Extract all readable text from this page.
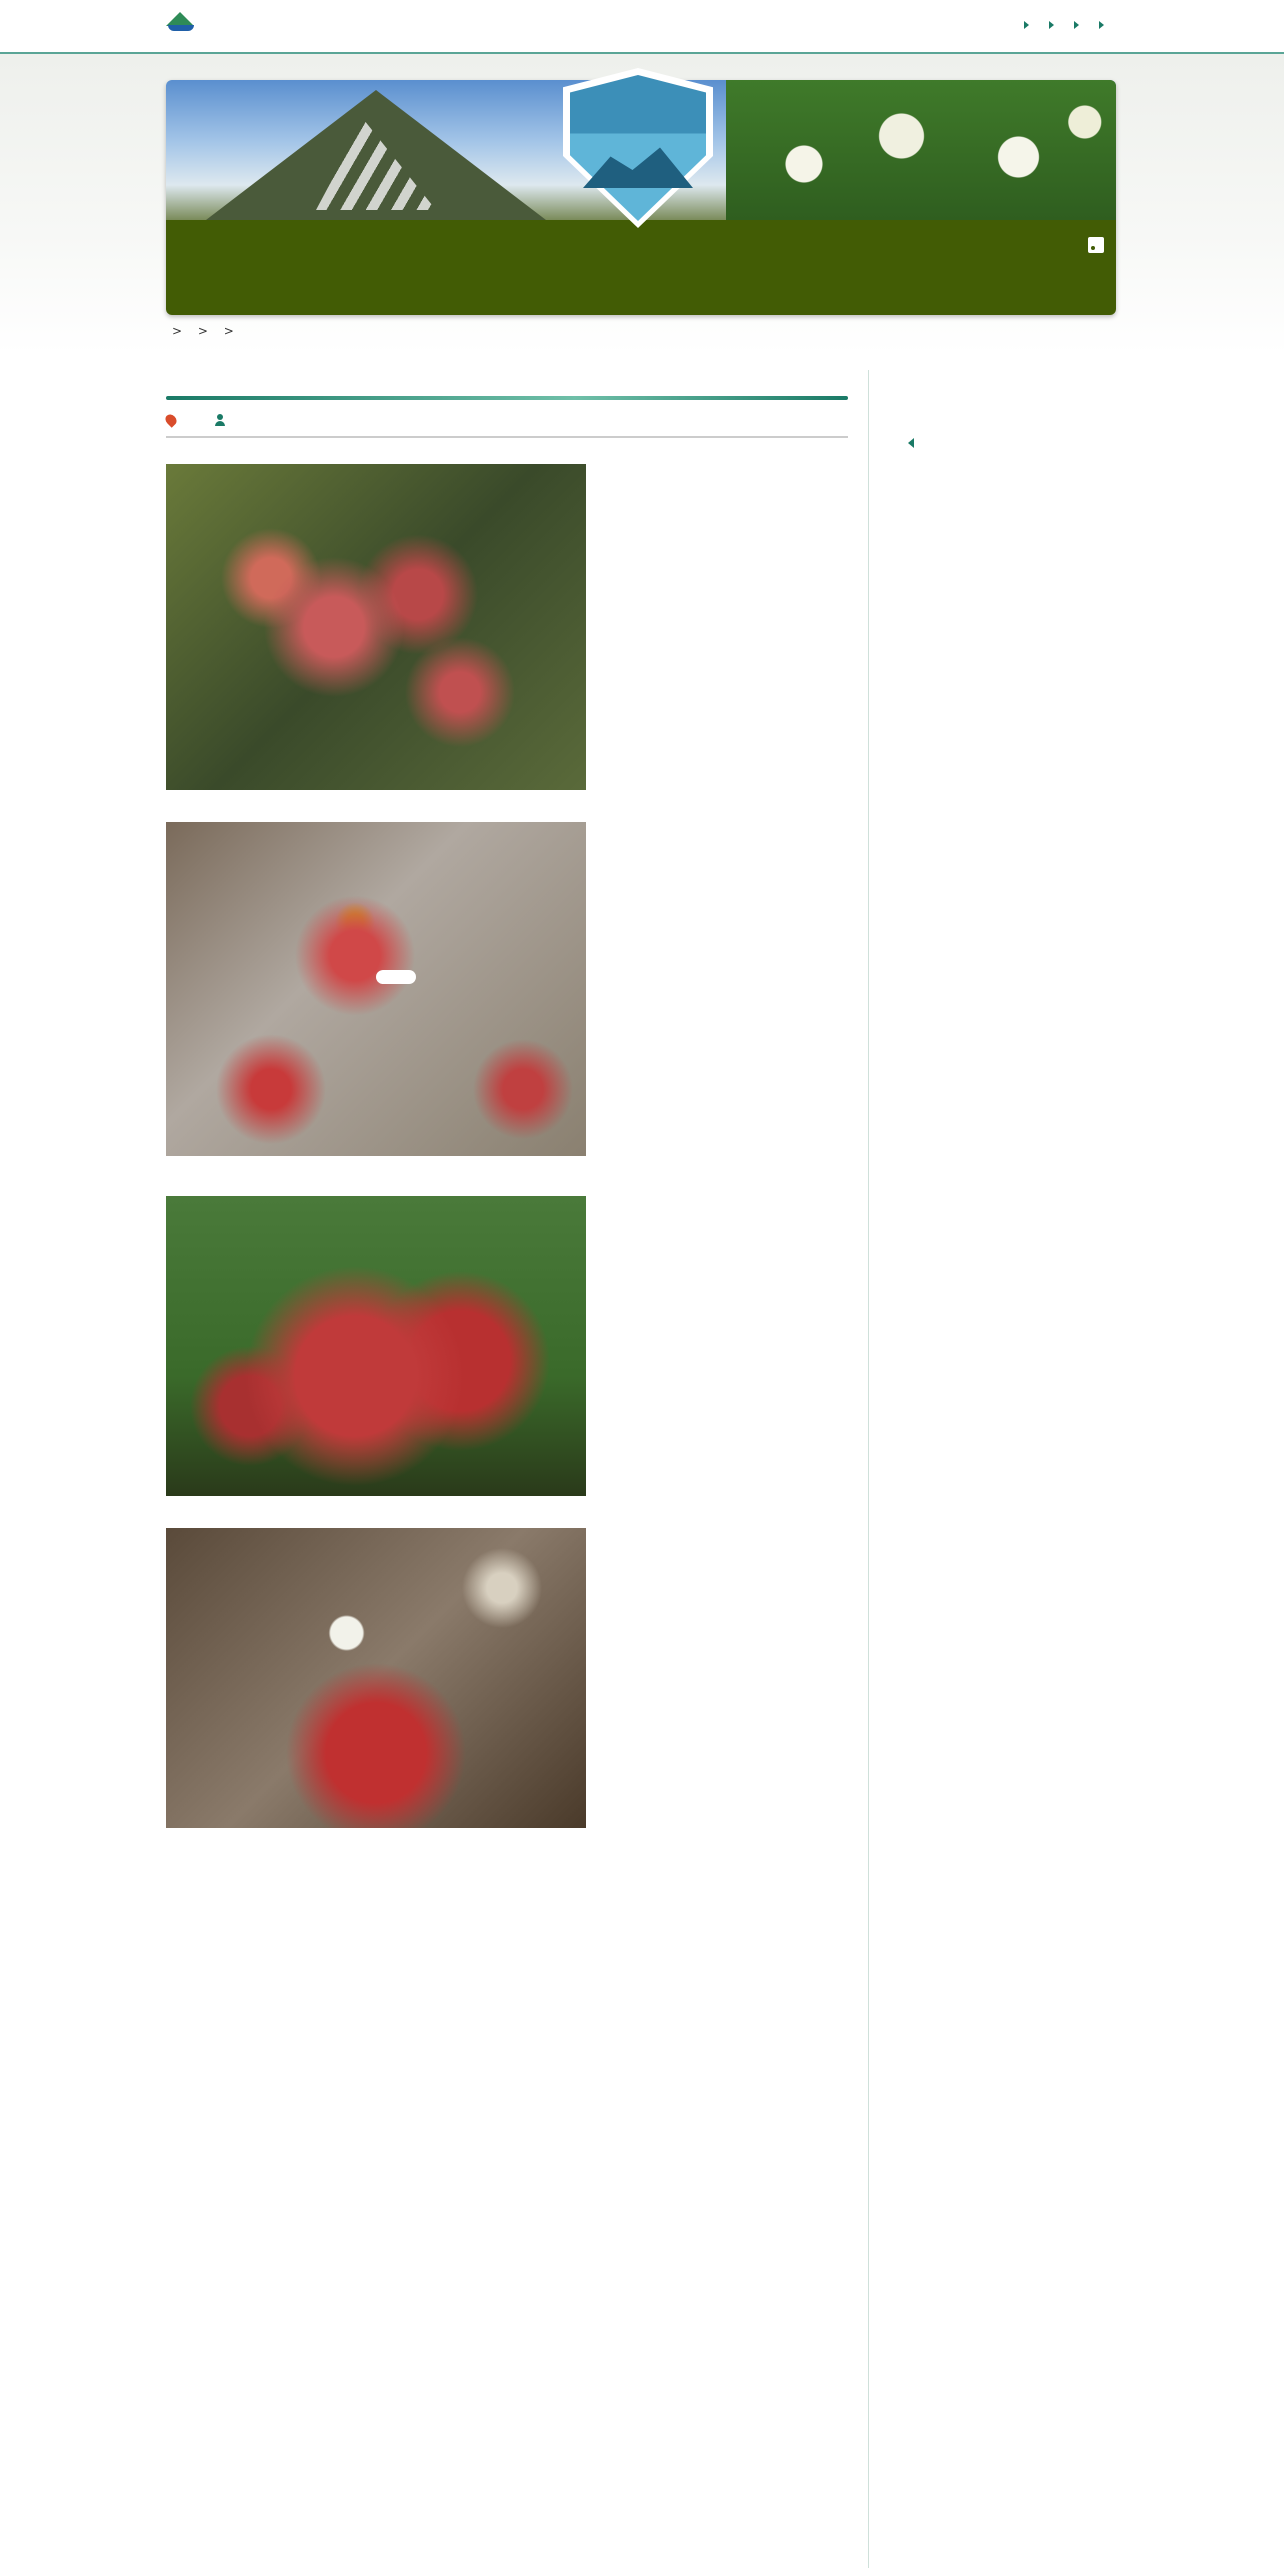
> > >
